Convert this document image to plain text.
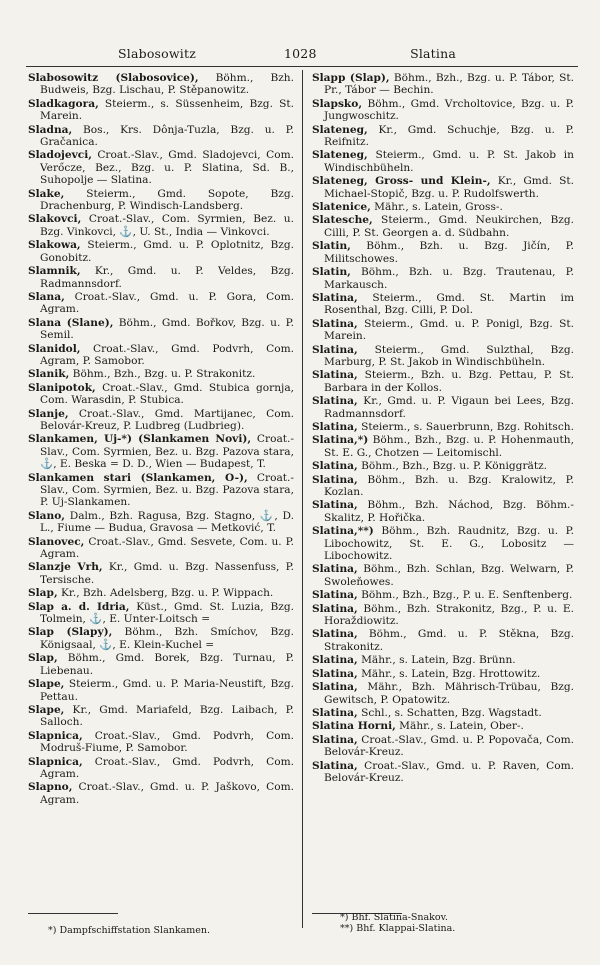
Slabosowitz	1028	Slatina

Slabosowitz (Slabosovice), Böhm., Bzh. Budweis, Bzg. Lischau, P. Stěpanowitz.

Sladkagora, Steierm., s. Süssenheim, Bzg. St. Marein.

Sladna, Bos., Krs. Dônja-Tuzla, Bzg. u. P. Gračanica.

Sladojevci, Croat.-Slav., Gmd. Sladojevci, Com. Verőcze, Bez., Bzg. u. P. Slatina, Sd. B., Suhopolje — Slatina.

Slake, Steierm., Gmd. Sopote, Bzg. Drachenburg, P. Windisch-Landsberg.

Slakovci, Croat.-Slav., Com. Syrmien, Bez. u. Bzg. Vinkovci, ⚓, U. St., India — Vinkovci.

Slakowa, Steierm., Gmd. u. P. Oplotnitz, Bzg. Gonobitz.

Slamnik, Kr., Gmd. u. P. Veldes, Bzg. Radmannsdorf.

Slana, Croat.-Slav., Gmd. u. P. Gora, Com. Agram.

Slana (Slane), Böhm., Gmd. Bořkov, Bzg. u. P. Semil.

Slanidol, Croat.-Slav., Gmd. Podvrh, Com. Agram, P. Samobor.

Slanik, Böhm., Bzh., Bzg. u. P. Strakonitz.

Slanipotok, Croat.-Slav., Gmd. Stubica gornja, Com. Warasdin, P. Stubica.

Slanje, Croat.-Slav., Gmd. Martijanec, Com. Belovár-Kreuz, P. Ludbreg (Ludbrieg).

Slankamen, Uj-*) (Slankamen Novi), Croat.-Slav., Com. Syrmien, Bez. u. Bzg. Pazova stara, ⚓, E. Beska = D. D., Wien — Budapest, T.

Slankamen stari (Slankamen, O-), Croat.-Slav., Com. Syrmien, Bez. u. Bzg. Pazova stara, P. Uj-Slankamen.

Slano, Dalm., Bzh. Ragusa, Bzg. Stagno, ⚓, D. L., Fiume — Budua, Gravosa — Metković, T.

Slanovec, Croat.-Slav., Gmd. Sesvete, Com. u. P. Agram.

Slanzje Vrh, Kr., Gmd. u. Bzg. Nassenfuss, P. Tersische.

Slap, Kr., Bzh. Adelsberg, Bzg. u. P. Wippach.

Slap a. d. Idria, Küst., Gmd. St. Luzia, Bzg. Tolmein, ⚓, E. Unter-Loitsch =

Slap (Slapy), Böhm., Bzh. Smíchov, Bzg. Königsaal, ⚓, E. Klein-Kuchel =

Slap, Böhm., Gmd. Borek, Bzg. Turnau, P. Liebenau.

Slape, Steierm., Gmd. u. P. Maria-Neustift, Bzg. Pettau.

Slape, Kr., Gmd. Mariafeld, Bzg. Laibach, P. Salloch.

Slapnica, Croat.-Slav., Gmd. Podvrh, Com. Modruš-Fiume, P. Samobor.

Slapnica, Croat.-Slav., Gmd. Podvrh, Com. Agram.

Slapno, Croat.-Slav., Gmd. u. P. Jaškovo, Com. Agram.

Slapp (Slap), Böhm., Bzh., Bzg. u. P. Tábor, St. Pr., Tábor — Bechin.

Slapsko, Böhm., Gmd. Vrcholtovice, Bzg. u. P. Jungwoschitz.

Slateneg, Kr., Gmd. Schuchje, Bzg. u. P. Reifnitz.

Slateneg, Steierm., Gmd. u. P. St. Jakob in Windischbüheln.

Slateneg, Gross- und Klein-, Kr., Gmd. St. Michael-Stopič, Bzg. u. P. Rudolfswerth.

Slatenice, Mähr., s. Latein, Gross-.

Slatesche, Steierm., Gmd. Neukirchen, Bzg. Cilli, P. St. Georgen a. d. Südbahn.

Slatin, Böhm., Bzh. u. Bzg. Jičín, P. Militschowes.

Slatin, Böhm., Bzh. u. Bzg. Trautenau, P. Markausch.

Slatina, Steierm., Gmd. St. Martin im Rosenthal, Bzg. Cilli, P. Dol.

Slatina, Steierm., Gmd. u. P. Ponigl, Bzg. St. Marein.

Slatina, Steierm., Gmd. Sulzthal, Bzg. Marburg, P. St. Jakob in Windischbüheln.

Slatina, Steierm., Bzh. u. Bzg. Pettau, P. St. Barbara in der Kollos.

Slatina, Kr., Gmd. u. P. Vigaun bei Lees, Bzg. Radmannsdorf.

Slatina, Steierm., s. Sauerbrunn, Bzg. Rohitsch.

Slatina,*) Böhm., Bzh., Bzg. u. P. Hohenmauth, St. E. G., Chotzen — Leitomischl.

Slatina, Böhm., Bzh., Bzg. u. P. Königgrätz.

Slatina, Böhm., Bzh. u. Bzg. Kralowitz, P. Kozlan.

Slatina, Böhm., Bzh. Náchod, Bzg. Böhm.-Skalitz, P. Hořička.

Slatina,**) Böhm., Bzh. Raudnitz, Bzg. u. P. Libochowitz, St. E. G., Lobositz — Libochowitz.

Slatina, Böhm., Bzh. Schlan, Bzg. Welwarn, P. Swoleňowes.

Slatina, Böhm., Bzh., Bzg., P. u. E. Senftenberg.

Slatina, Böhm., Bzh. Strakonitz, Bzg., P. u. E. Horaždiowitz.

Slatina, Böhm., Gmd. u. P. Stěkna, Bzg. Strakonitz.

Slatina, Mähr., s. Latein, Bzg. Brünn.

Slatina, Mähr., s. Latein, Bzg. Hrottowitz.

Slatina, Mähr., Bzh. Mährisch-Trübau, Bzg. Gewitsch, P. Opatowitz.

Slatina, Schl., s. Schatten, Bzg. Wagstadt.

Slatina Horni, Mähr., s. Latein, Ober-.

Slatina, Croat.-Slav., Gmd. u. P. Popovača, Com. Belovár-Kreuz.

Slatina, Croat.-Slav., Gmd. u. P. Raven, Com. Belovár-Kreuz.

*) Dampfschiffstation Slankamen.
*) Bhf. Slatina-Snakov.
**) Bhf. Klappai-Slatina.
